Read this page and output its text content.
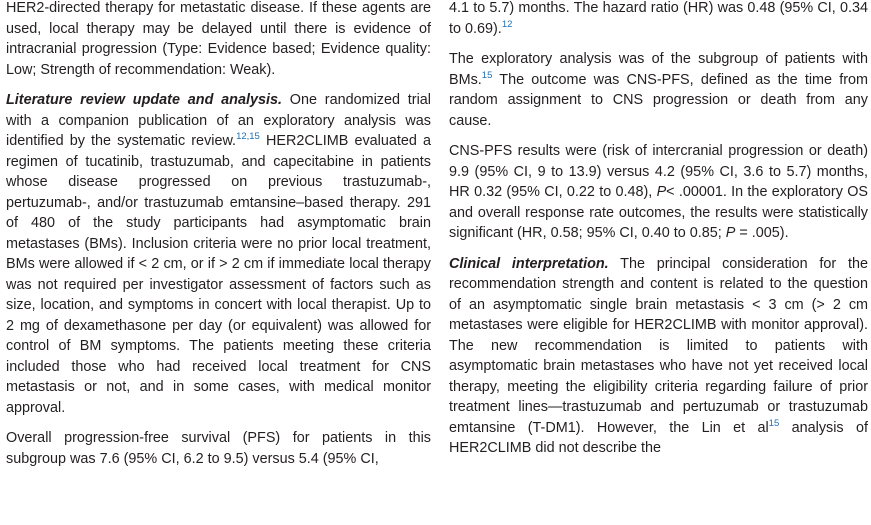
HER2-directed therapy for metastatic disease. If these agents are used, local therapy may be delayed until there is evidence of intracranial progression (Type: Evidence based; Evidence quality: Low; Strength of recommendation: Weak).

Literature review update and analysis. One randomized trial with a companion publication of an exploratory analysis was identified by the systematic review.$^{12,15}$ HER2CLIMB evaluated a regimen of tucatinib, trastuzumab, and capecitabine in patients whose disease progressed on previous trastuzumab-, pertuzumab-, and/or trastuzumab emtansine–based therapy. 291 of 480 of the study participants had asymptomatic brain metastases (BMs). Inclusion criteria were no prior local treatment, BMs were allowed if < 2 cm, or if > 2 cm if immediate local therapy was not required per investigator assessment of factors such as size, location, and symptoms in concert with local therapist. Up to 2 mg of dexamethasone per day (or equivalent) was allowed for control of BM symptoms. The patients meeting these criteria included those who had received local treatment for CNS metastasis or not, and in some cases, with medical monitor approval.

Overall progression-free survival (PFS) for patients in this subgroup was 7.6 (95% CI, 6.2 to 9.5) versus 5.4 (95% CI,

4.1 to 5.7) months. The hazard ratio (HR) was 0.48 (95% CI, 0.34 to 0.69).$^{12}$

The exploratory analysis was of the subgroup of patients with BMs.$^{15}$ The outcome was CNS-PFS, defined as the time from random assignment to CNS progression or death from any cause.

CNS-PFS results were (risk of intercranial progression or death) 9.9 (95% CI, 9 to 13.9) versus 4.2 (95% CI, 3.6 to 5.7) months, HR 0.32 (95% CI, 0.22 to 0.48), P< .00001. In the exploratory OS and overall response rate outcomes, the results were statistically significant (HR, 0.58; 95% CI, 0.40 to 0.85; P = .005).

Clinical interpretation. The principal consideration for the recommendation strength and content is related to the question of an asymptomatic single brain metastasis < 3 cm (> 2 cm metastases were eligible for HER2CLIMB with monitor approval). The new recommendation is limited to patients with asymptomatic brain metastases who have not yet received local therapy, meeting the eligibility criteria regarding failure of prior treatment lines—trastuzumab and pertuzumab or trastuzumab emtansine (T-DM1). However, the Lin et $al^{15}$ analysis of HER2CLIMB did not describe the
